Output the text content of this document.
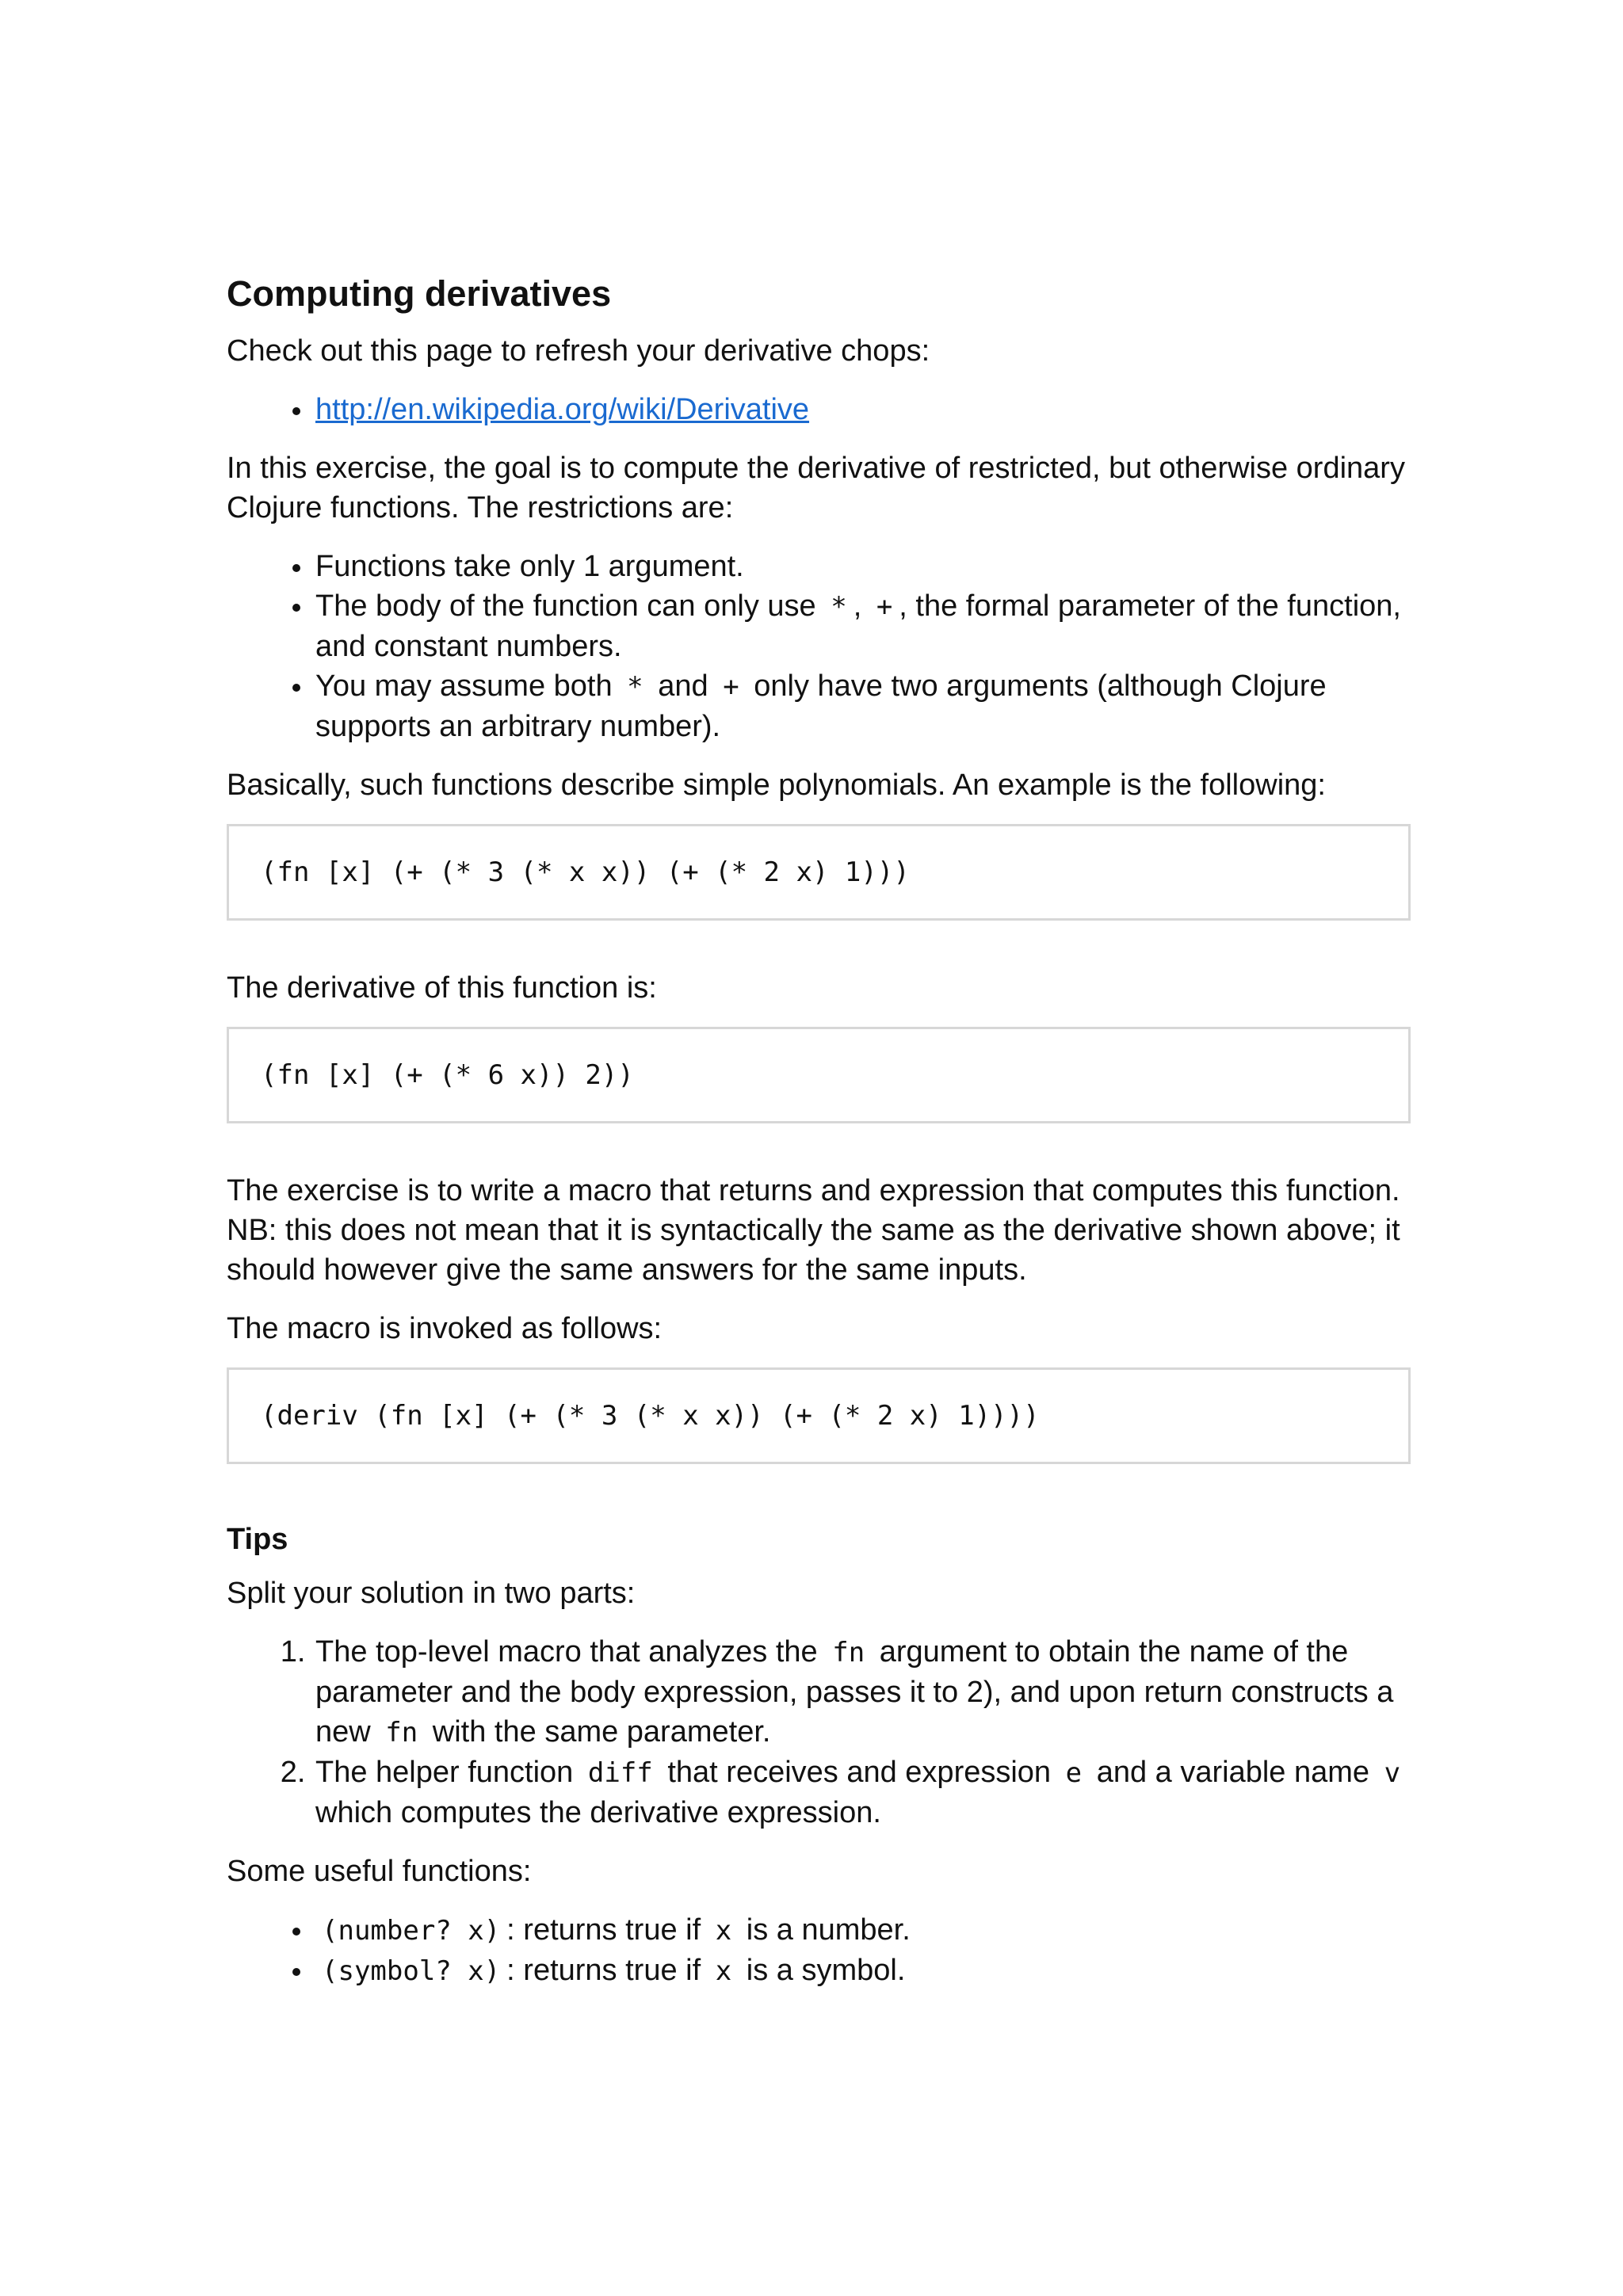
Computing derivatives

Check out this page to refresh your derivative chops:

• http://en.wikipedia.org/wiki/Derivative

In this exercise, the goal is to compute the derivative of restricted, but otherwise ordinary Clojure functions. The restrictions are:

• Functions take only 1 argument.
• The body of the function can only use * , + , the formal parameter of the function, and constant numbers.
• You may assume both * and + only have two arguments (although Clojure supports an arbitrary number).

Basically, such functions describe simple polynomials. An example is the following:

(fn [x] (+ (* 3 (* x x)) (+ (* 2 x) 1)))

The derivative of this function is:

(fn [x] (+ (* 6 x)) 2))

The exercise is to write a macro that returns and expression that computes this function. NB: this does not mean that it is syntactically the same as the derivative shown above; it should however give the same answers for the same inputs.

The macro is invoked as follows:

(deriv (fn [x] (+ (* 3 (* x x)) (+ (* 2 x) 1))))
Tips

Split your solution in two parts:

1. The top-level macro that analyzes the fn argument to obtain the name of the parameter and the body expression, passes it to 2), and upon return constructs a new fn with the same parameter.
2. The helper function diff that receives and expression e and a variable name v which computes the derivative expression.

Some useful functions:

• (number? x) : returns true if x is a number.
• (symbol? x) : returns true if x is a symbol.
